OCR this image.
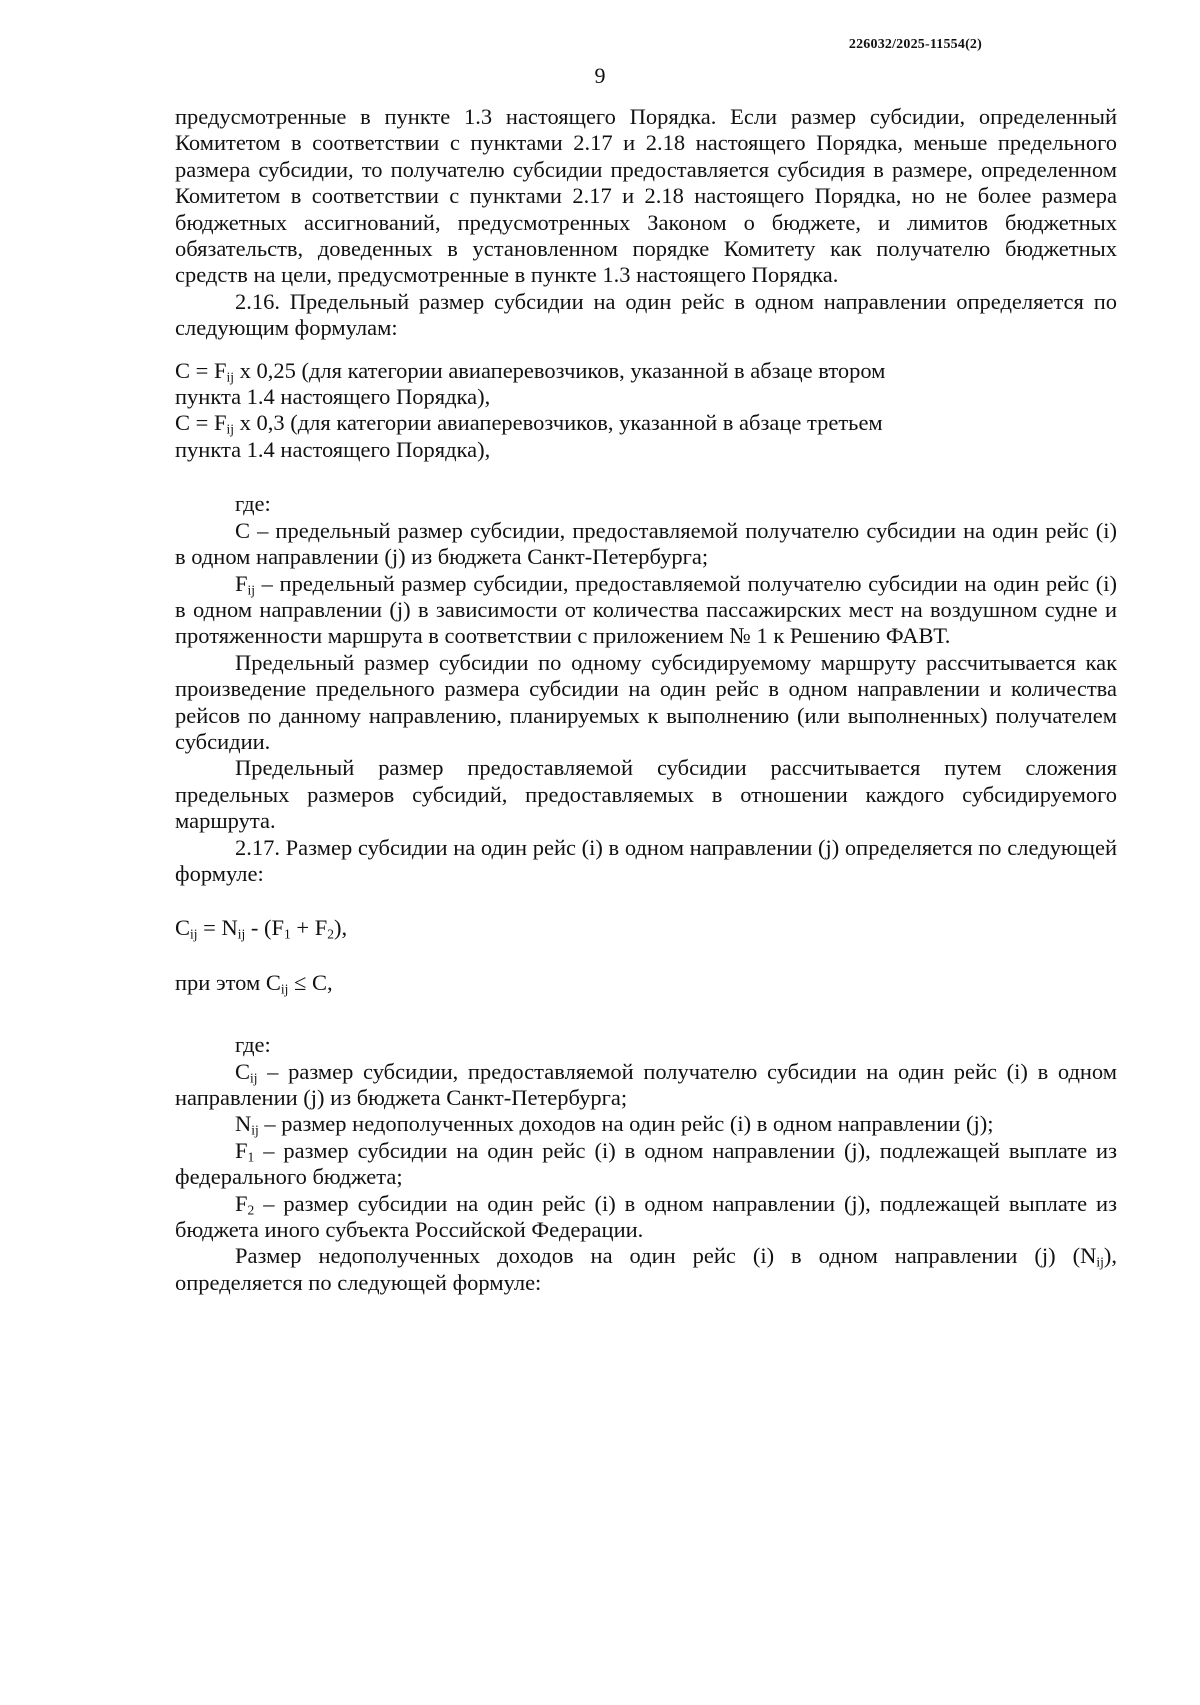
226032/2025-11554(2)
9

предусмотренные в пункте 1.3 настоящего Порядка. Если размер субсидии, определенный Комитетом в соответствии с пунктами 2.17 и 2.18 настоящего Порядка, меньше предельного размера субсидии, то получателю субсидии предоставляется субсидия в размере, определенном Комитетом в соответствии с пунктами 2.17 и 2.18 настоящего Порядка, но не более размера бюджетных ассигнований, предусмотренных Законом о бюджете, и лимитов бюджетных обязательств, доведенных в установленном порядке Комитету как получателю бюджетных средств на цели, предусмотренные в пункте 1.3 настоящего Порядка.

2.16. Предельный размер субсидии на один рейс в одном направлении определяется по следующим формулам:

$C = F_{ij}$ x 0,25 (для категории авиаперевозчиков, указанной в абзаце втором

пункта 1.4 настоящего Порядка),

$C = F_{ij}$ x 0,3 (для категории авиаперевозчиков, указанной в абзаце третьем

пункта 1.4 настоящего Порядка),

где:

C – предельный размер субсидии, предоставляемой получателю субсидии на один рейс (i) в одном направлении (j) из бюджета Санкт-Петербурга;

$F_{ij}$ – предельный размер субсидии, предоставляемой получателю субсидии на один рейс (i) в одном направлении (j) в зависимости от количества пассажирских мест на воздушном судне и протяженности маршрута в соответствии с приложением № 1 к Решению ФАВТ.

Предельный размер субсидии по одному субсидируемому маршруту рассчитывается как произведение предельного размера субсидии на один рейс в одном направлении и количества рейсов по данному направлению, планируемых к выполнению (или выполненных) получателем субсидии.

Предельный размер предоставляемой субсидии рассчитывается путем сложения предельных размеров субсидий, предоставляемых в отношении каждого субсидируемого маршрута.

2.17. Размер субсидии на один рейс (i) в одном направлении (j) определяется по следующей формуле:

$C_{ij} = N_{ij} - (F_1 + F_2)$,

при этом $C_{ij} \le C$,

где:

$C_{ij}$ – размер субсидии, предоставляемой получателю субсидии на один рейс (i) в одном направлении (j) из бюджета Санкт-Петербурга;

$N_{ij}$ – размер недополученных доходов на один рейс (i) в одном направлении (j);

$F_1$ – размер субсидии на один рейс (i) в одном направлении (j), подлежащей выплате из федерального бюджета;

$F_2$ – размер субсидии на один рейс (i) в одном направлении (j), подлежащей выплате из бюджета иного субъекта Российской Федерации.

Размер недополученных доходов на один рейс (i) в одном направлении (j) $(N_{ij})$, определяется по следующей формуле:
